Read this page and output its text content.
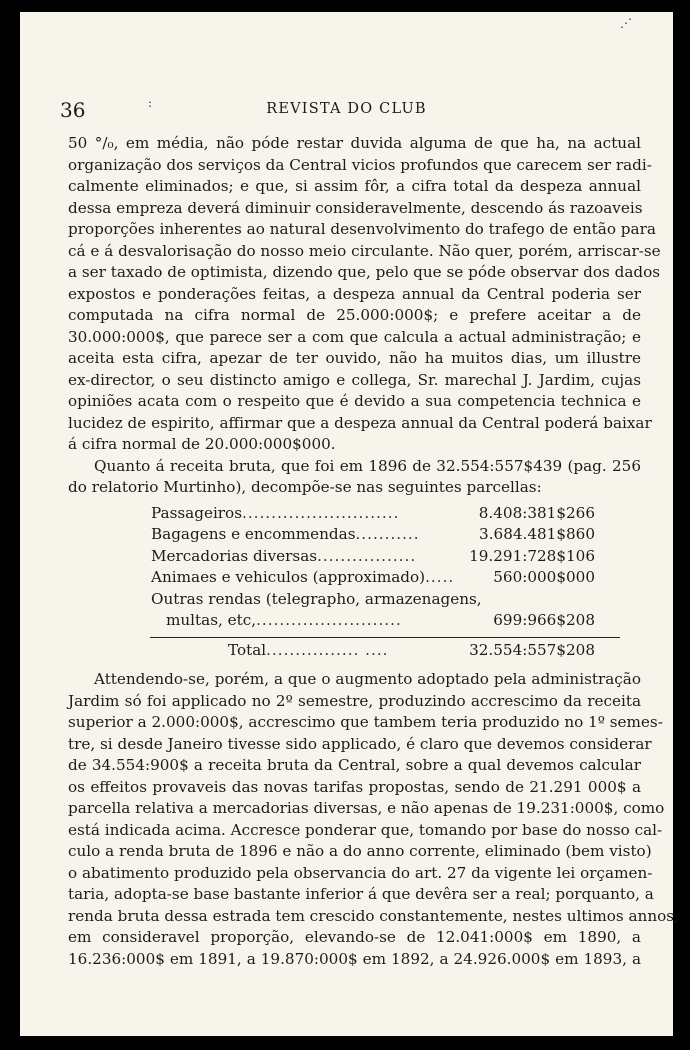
⋰
:
36	REVISTA DO CLUB
50 °/₀, em média, não póde restar duvida alguma de que ha, na actual
organização dos serviços da Central vicios profundos que carecem ser radi-
calmente eliminados; e que, si assim fôr, a cifra total da despeza annual
dessa empreza deverá diminuir consideravelmente, descendo ás razoaveis
proporções inherentes ao natural desenvolvimento do trafego de então para
cá e á desvalorisação do nosso meio circulante. Não quer, porém, arriscar-se
a ser taxado de optimista, dizendo que, pelo que se póde observar dos dados
expostos e ponderações feitas, a despeza annual da Central poderia ser
computada na cifra normal de 25.000:000$; e prefere aceitar a de
30.000:000$, que parece ser a com que calcula a actual administração; e
aceita esta cifra, apezar de ter ouvido, não ha muitos dias, um illustre
ex-director, o seu distincto amigo e collega, Sr. marechal J. Jardim, cujas
opiniões acata com o respeito que é devido a sua competencia technica e
lucidez de espirito, affirmar que a despeza annual da Central poderá baixar
á cifra normal de 20.000:000$000.
Quanto á receita bruta, que foi em 1896 de 32.554:557$439 (pag. 256
do relatorio Murtinho), decompõe-se nas seguintes parcellas:
Passageiros...........................	8.408:381$266
Bagagens e encommendas...........	3.684.481$860
Mercadorias diversas.................	19.291:728$106
Animaes e vehiculos (approximado).....	560:000$000
Outras rendas (telegrapho, armazenagens,
multas, etc,.........................	699:966$208
Total................ ....	32.554:557$208
Attendendo-se, porém, a que o augmento adoptado pela administração
Jardim só foi applicado no 2º semestre, produzindo accrescimo da receita
superior a 2.000:000$, accrescimo que tambem teria produzido no 1º semes-
tre, si desde Janeiro tivesse sido applicado, é claro que devemos considerar
de 34.554:900$ a receita bruta da Central, sobre a qual devemos calcular
os effeitos provaveis das novas tarifas propostas, sendo de 21.291 000$ a
parcella relativa a mercadorias diversas, e não apenas de 19.231:000$, como
está indicada acima. Accresce ponderar que, tomando por base do nosso cal-
culo a renda bruta de 1896 e não a do anno corrente, eliminado (bem visto)
o abatimento produzido pela observancia do art. 27 da vigente lei orçamen-
taria, adopta-se base bastante inferior á que devêra ser a real; porquanto, a
renda bruta dessa estrada tem crescido constantemente, nestes ultimos annos,
em consideravel proporção, elevando-se de 12.041:000$ em 1890, a
16.236:000$ em 1891, a 19.870:000$ em 1892, a 24.926.000$ em 1893, a
